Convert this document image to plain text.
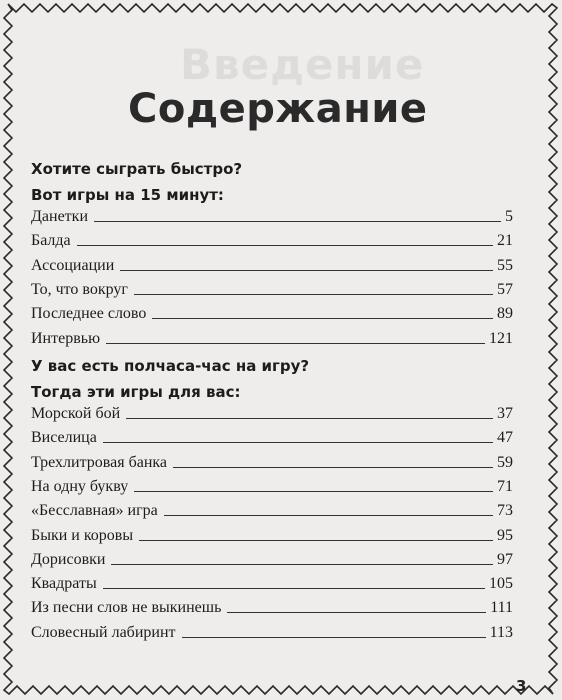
Введение
Содержание
Хотите сыграть быстро?
Вот игры на 15 минут:
Данетки	5
Балда	21
Ассоциации	55
То, что вокруг	57
Последнее слово	89
Интервью	121
У вас есть полчаса-час на игру?
Тогда эти игры для вас:
Морской бой	37
Виселица	47
Трехлитровая банка	59
На одну букву	71
«Бесславная» игра	73
Быки и коровы	95
Дорисовки	97
Квадраты	105
Из песни слов не выкинешь	111
Словесный лабиринт	113
3
